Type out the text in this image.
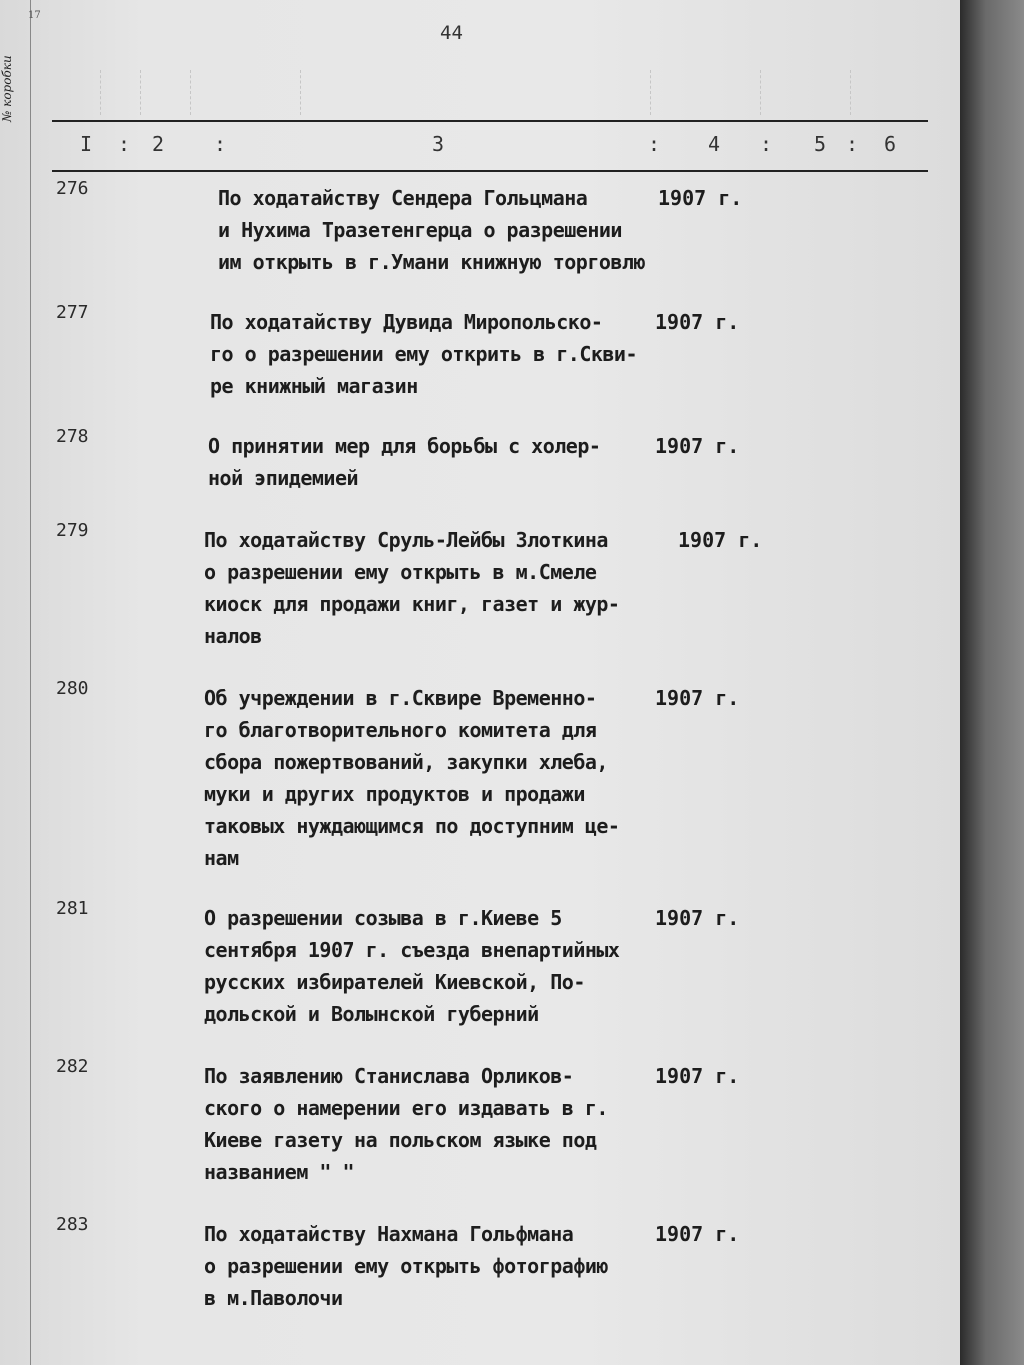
№ коробки
17
44
I : 2 :	3	: 4 : 5 : 6
276	По ходатайству Сендера Гольцмана
и Нухима Тразетенгерца о разрешении
им открыть в г.Умани книжную торговлю
1907 г.
277	По ходатайству Дувида Миропольско-
го о разрешении ему открить в г.Скви-
ре книжный магазин
1907 г.
278	О принятии мер для борьбы с холер-
ной эпидемией
1907 г.
279	По ходатайству Сруль-Лейбы Злоткина
о разрешении ему открыть в м.Смеле
киоск для продажи книг, газет и жур-
налов
1907 г.
280	Об учреждении в г.Сквире Временно-
го благотворительного комитета для
сбора пожертвований, закупки хлеба,
муки и других продуктов и продажи
таковых нуждающимся по доступним це-
нам
1907 г.
281	О разрешении созыва в г.Киеве 5
сентября 1907 г. съезда внепартийных
русских избирателей Киевской, По-
дольской и Волынской губерний
1907 г.
282	По заявлению Станислава Орликов-
ского о намерении его издавать в г.
Киеве газету на польском языке под
названием " "
1907 г.
283	По ходатайству Нахмана Гольфмана
о разрешении ему открыть фотографию
в м.Паволочи
1907 г.
